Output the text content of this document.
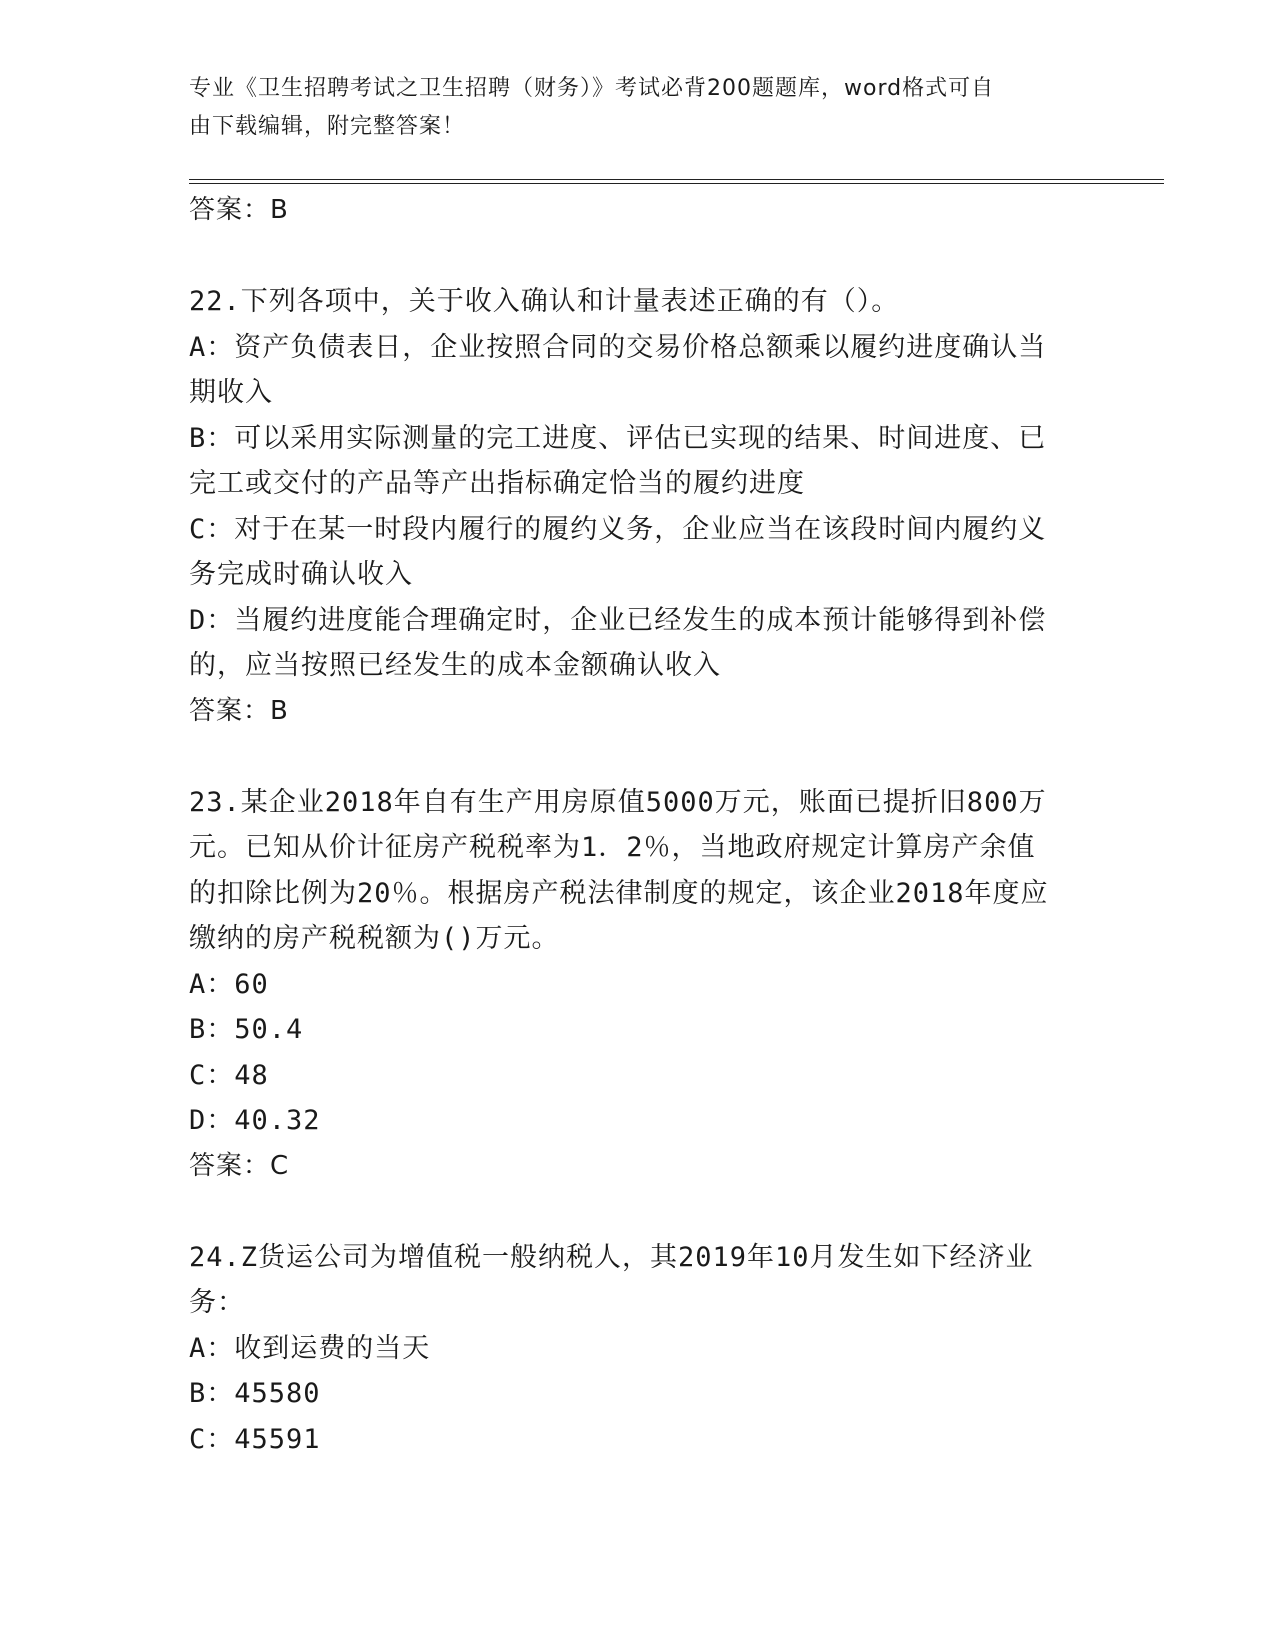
专业《卫生招聘考试之卫生招聘（财务）》考试必背200题题库，word格式可自
由下载编辑，附完整答案！
答案：B
22.下列各项中，关于收入确认和计量表述正确的有（）。
A：资产负债表日，企业按照合同的交易价格总额乘以履约进度确认当
期收入
B：可以采用实际测量的完工进度、评估已实现的结果、时间进度、已
完工或交付的产品等产出指标确定恰当的履约进度
C：对于在某一时段内履行的履约义务，企业应当在该段时间内履约义
务完成时确认收入
D：当履约进度能合理确定时，企业已经发生的成本预计能够得到补偿
的，应当按照已经发生的成本金额确认收入
答案：B
23.某企业2018年自有生产用房原值5000万元，账面已提折旧800万
元。已知从价计征房产税税率为1．2％，当地政府规定计算房产余值
的扣除比例为20％。根据房产税法律制度的规定，该企业2018年度应
缴纳的房产税税额为()万元。
A：60
B：50.4
C：48
D：40.32
答案：C
24.Z货运公司为增值税一般纳税人，其2019年10月发生如下经济业
务：
A：收到运费的当天
B：45580
C：45591
